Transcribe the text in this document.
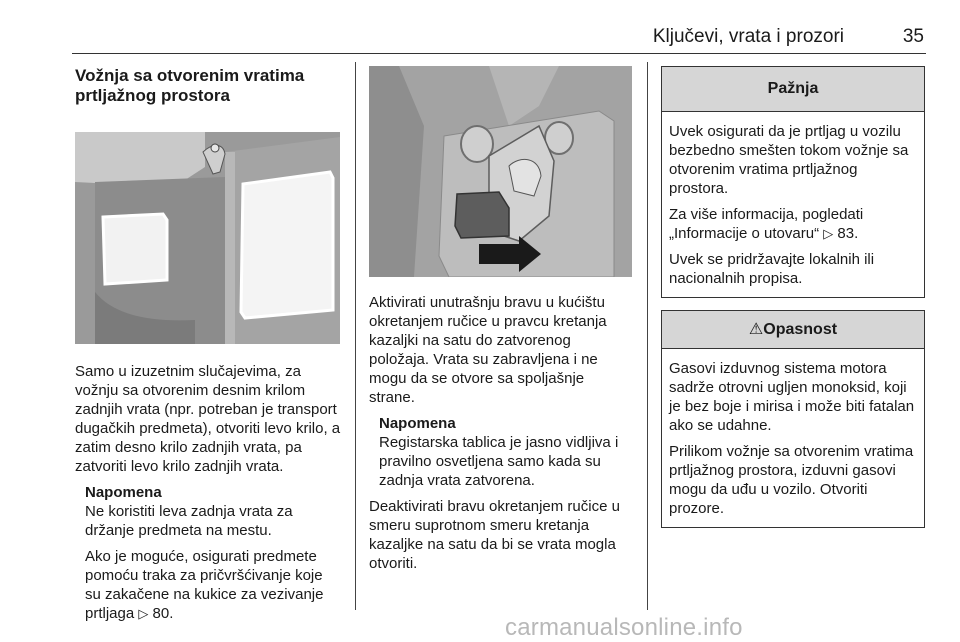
Ključevi, vrata i prozori	35
Vožnja sa otvorenim vratima prtljažnog prostora

Samo u izuzetnim slučajevima, za vožnju sa otvorenim desnim krilom zadnjih vrata (npr. potreban je transport dugačkih predmeta), otvoriti levo krilo, a zatim desno krilo zadnjih vrata, pa zatvoriti levo krilo zadnjih vrata.

Napomena

Ne koristiti leva zadnja vrata za držanje predmeta na mestu.

Ako je moguće, osigurati predmete pomoću traka za pričvršćivanje koje su zakačene na kukice za vezivanje prtljaga ▷ 80.

Aktivirati unutrašnju bravu u kućištu okretanjem ručice u pravcu kretanja kazaljki na satu do zatvorenog položaja. Vrata su zabravljena i ne mogu da se otvore sa spoljašnje strane.

Napomena

Registarska tablica je jasno vidljiva i pravilno osvetljena samo kada su zadnja vrata zatvorena.

Deaktivirati bravu okretanjem ručice u smeru suprotnom smeru kretanja kazaljke na satu da bi se vrata mogla otvoriti.

Pažnja

Uvek osigurati da je prtljag u vozilu bezbedno smešten tokom vožnje sa otvorenim vratima prtljažnog prostora.

Za više informacija, pogledati „Informacije o utovaru“ ▷ 83.

Uvek se pridržavajte lokalnih ili nacionalnih propisa.

⚠Opasnost

Gasovi izduvnog sistema motora sadrže otrovni ugljen monoksid, koji je bez boje i mirisa i može biti fatalan ako se udahne.

Prilikom vožnje sa otvorenim vratima prtljažnog prostora, izduvni gasovi mogu da uđu u vozilo. Otvoriti prozore.

carmanualsonline.info
